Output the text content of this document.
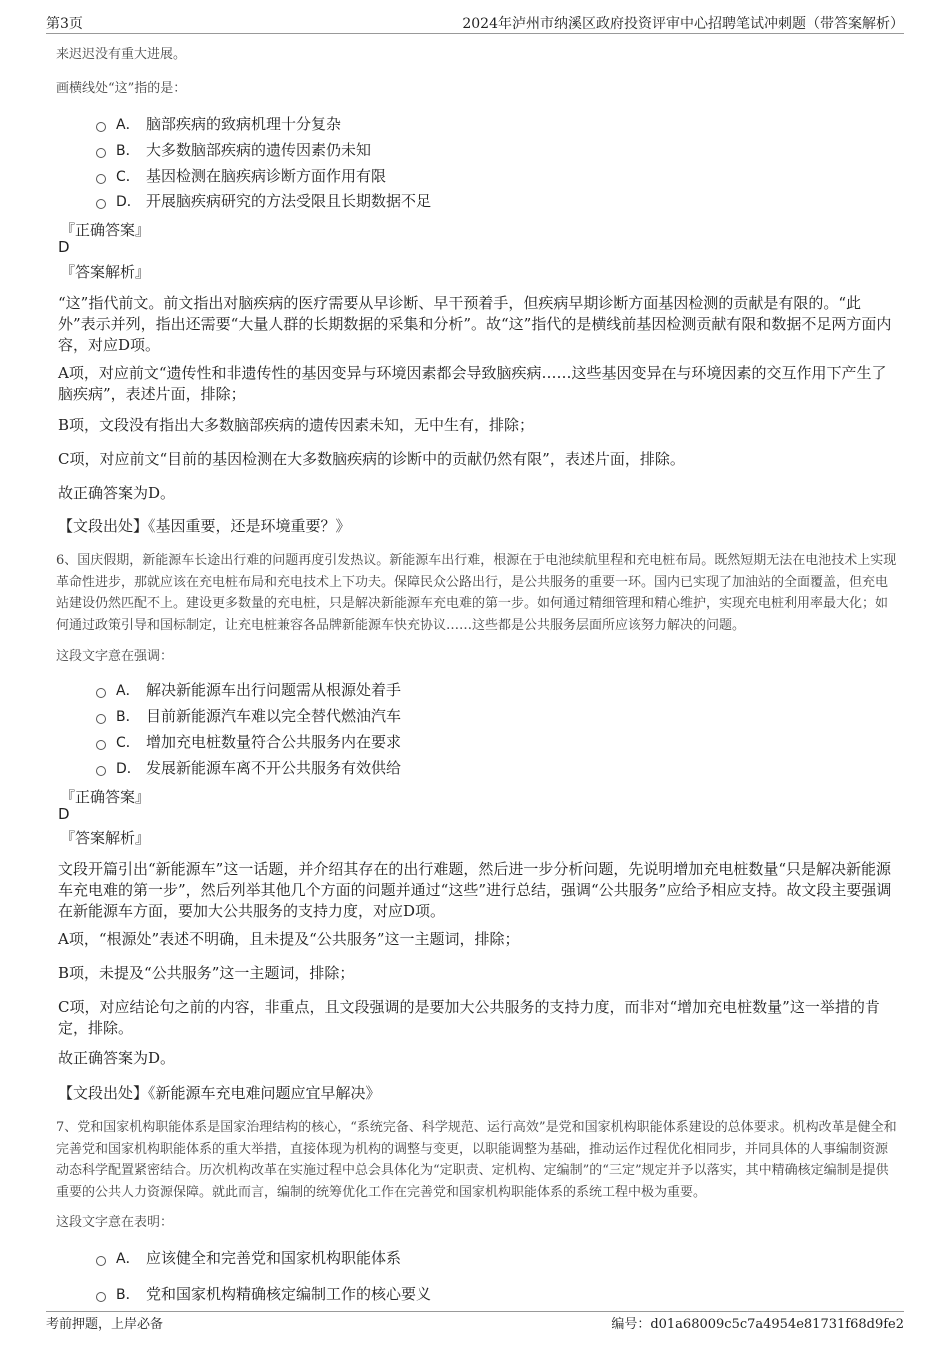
第3页	2024年泸州市纳溪区政府投资评审中心招聘笔试冲刺题（带答案解析）
来迟迟没有重大进展。
画横线处“这”指的是：
A． 脑部疾病的致病机理十分复杂
B． 大多数脑部疾病的遗传因素仍未知
C． 基因检测在脑疾病诊断方面作用有限
D． 开展脑疾病研究的方法受限且长期数据不足
『正确答案』
D
『答案解析』
“这”指代前文。前文指出对脑疾病的医疗需要从早诊断、早干预着手，但疾病早期诊断方面基因检测的贡献是有限的。“此外”表示并列，指出还需要“大量人群的长期数据的采集和分析”。故“这”指代的是横线前基因检测贡献有限和数据不足两方面内容，对应D项。
A项，对应前文“遗传性和非遗传性的基因变异与环境因素都会导致脑疾病……这些基因变异在与环境因素的交互作用下产生了脑疾病”，表述片面，排除；
B项，文段没有指出大多数脑部疾病的遗传因素未知，无中生有，排除；
C项，对应前文“目前的基因检测在大多数脑疾病的诊断中的贡献仍然有限”，表述片面，排除。
故正确答案为D。
【文段出处】《基因重要，还是环境重要？》
6、国庆假期，新能源车长途出行难的问题再度引发热议。新能源车出行难，根源在于电池续航里程和充电桩布局。既然短期无法在电池技术上实现革命性进步，那就应该在充电桩布局和充电技术上下功夫。保障民众公路出行，是公共服务的重要一环。国内已实现了加油站的全面覆盖，但充电站建设仍然匹配不上。建设更多数量的充电桩，只是解决新能源车充电难的第一步。如何通过精细管理和精心维护，实现充电桩利用率最大化；如何通过政策引导和国标制定，让充电桩兼容各品牌新能源车快充协议……这些都是公共服务层面所应该努力解决的问题。
这段文字意在强调：
A． 解决新能源车出行问题需从根源处着手
B． 目前新能源汽车难以完全替代燃油汽车
C． 增加充电桩数量符合公共服务内在要求
D． 发展新能源车离不开公共服务有效供给
『正确答案』
D
『答案解析』
文段开篇引出“新能源车”这一话题，并介绍其存在的出行难题，然后进一步分析问题，先说明增加充电桩数量“只是解决新能源车充电难的第一步”，然后列举其他几个方面的问题并通过“这些”进行总结，强调“公共服务”应给予相应支持。故文段主要强调在新能源车方面，要加大公共服务的支持力度，对应D项。
A项，“根源处”表述不明确，且未提及“公共服务”这一主题词，排除；
B项，未提及“公共服务”这一主题词，排除；
C项，对应结论句之前的内容，非重点，且文段强调的是要加大公共服务的支持力度，而非对“增加充电桩数量”这一举措的肯定，排除。
故正确答案为D。
【文段出处】《新能源车充电难问题应宜早解决》
7、党和国家机构职能体系是国家治理结构的核心，“系统完备、科学规范、运行高效”是党和国家机构职能体系建设的总体要求。机构改革是健全和完善党和国家机构职能体系的重大举措，直接体现为机构的调整与变更，以职能调整为基础，推动运作过程优化相同步，并同具体的人事编制资源动态科学配置紧密结合。历次机构改革在实施过程中总会具体化为“定职责、定机构、定编制”的“三定”规定并予以落实，其中精确核定编制是提供重要的公共人力资源保障。就此而言，编制的统筹优化工作在完善党和国家机构职能体系的系统工程中极为重要。
这段文字意在表明：
A． 应该健全和完善党和国家机构职能体系
B． 党和国家机构精确核定编制工作的核心要义
考前押题，上岸必备	编号：d01a68009c5c7a4954e81731f68d9fe2
